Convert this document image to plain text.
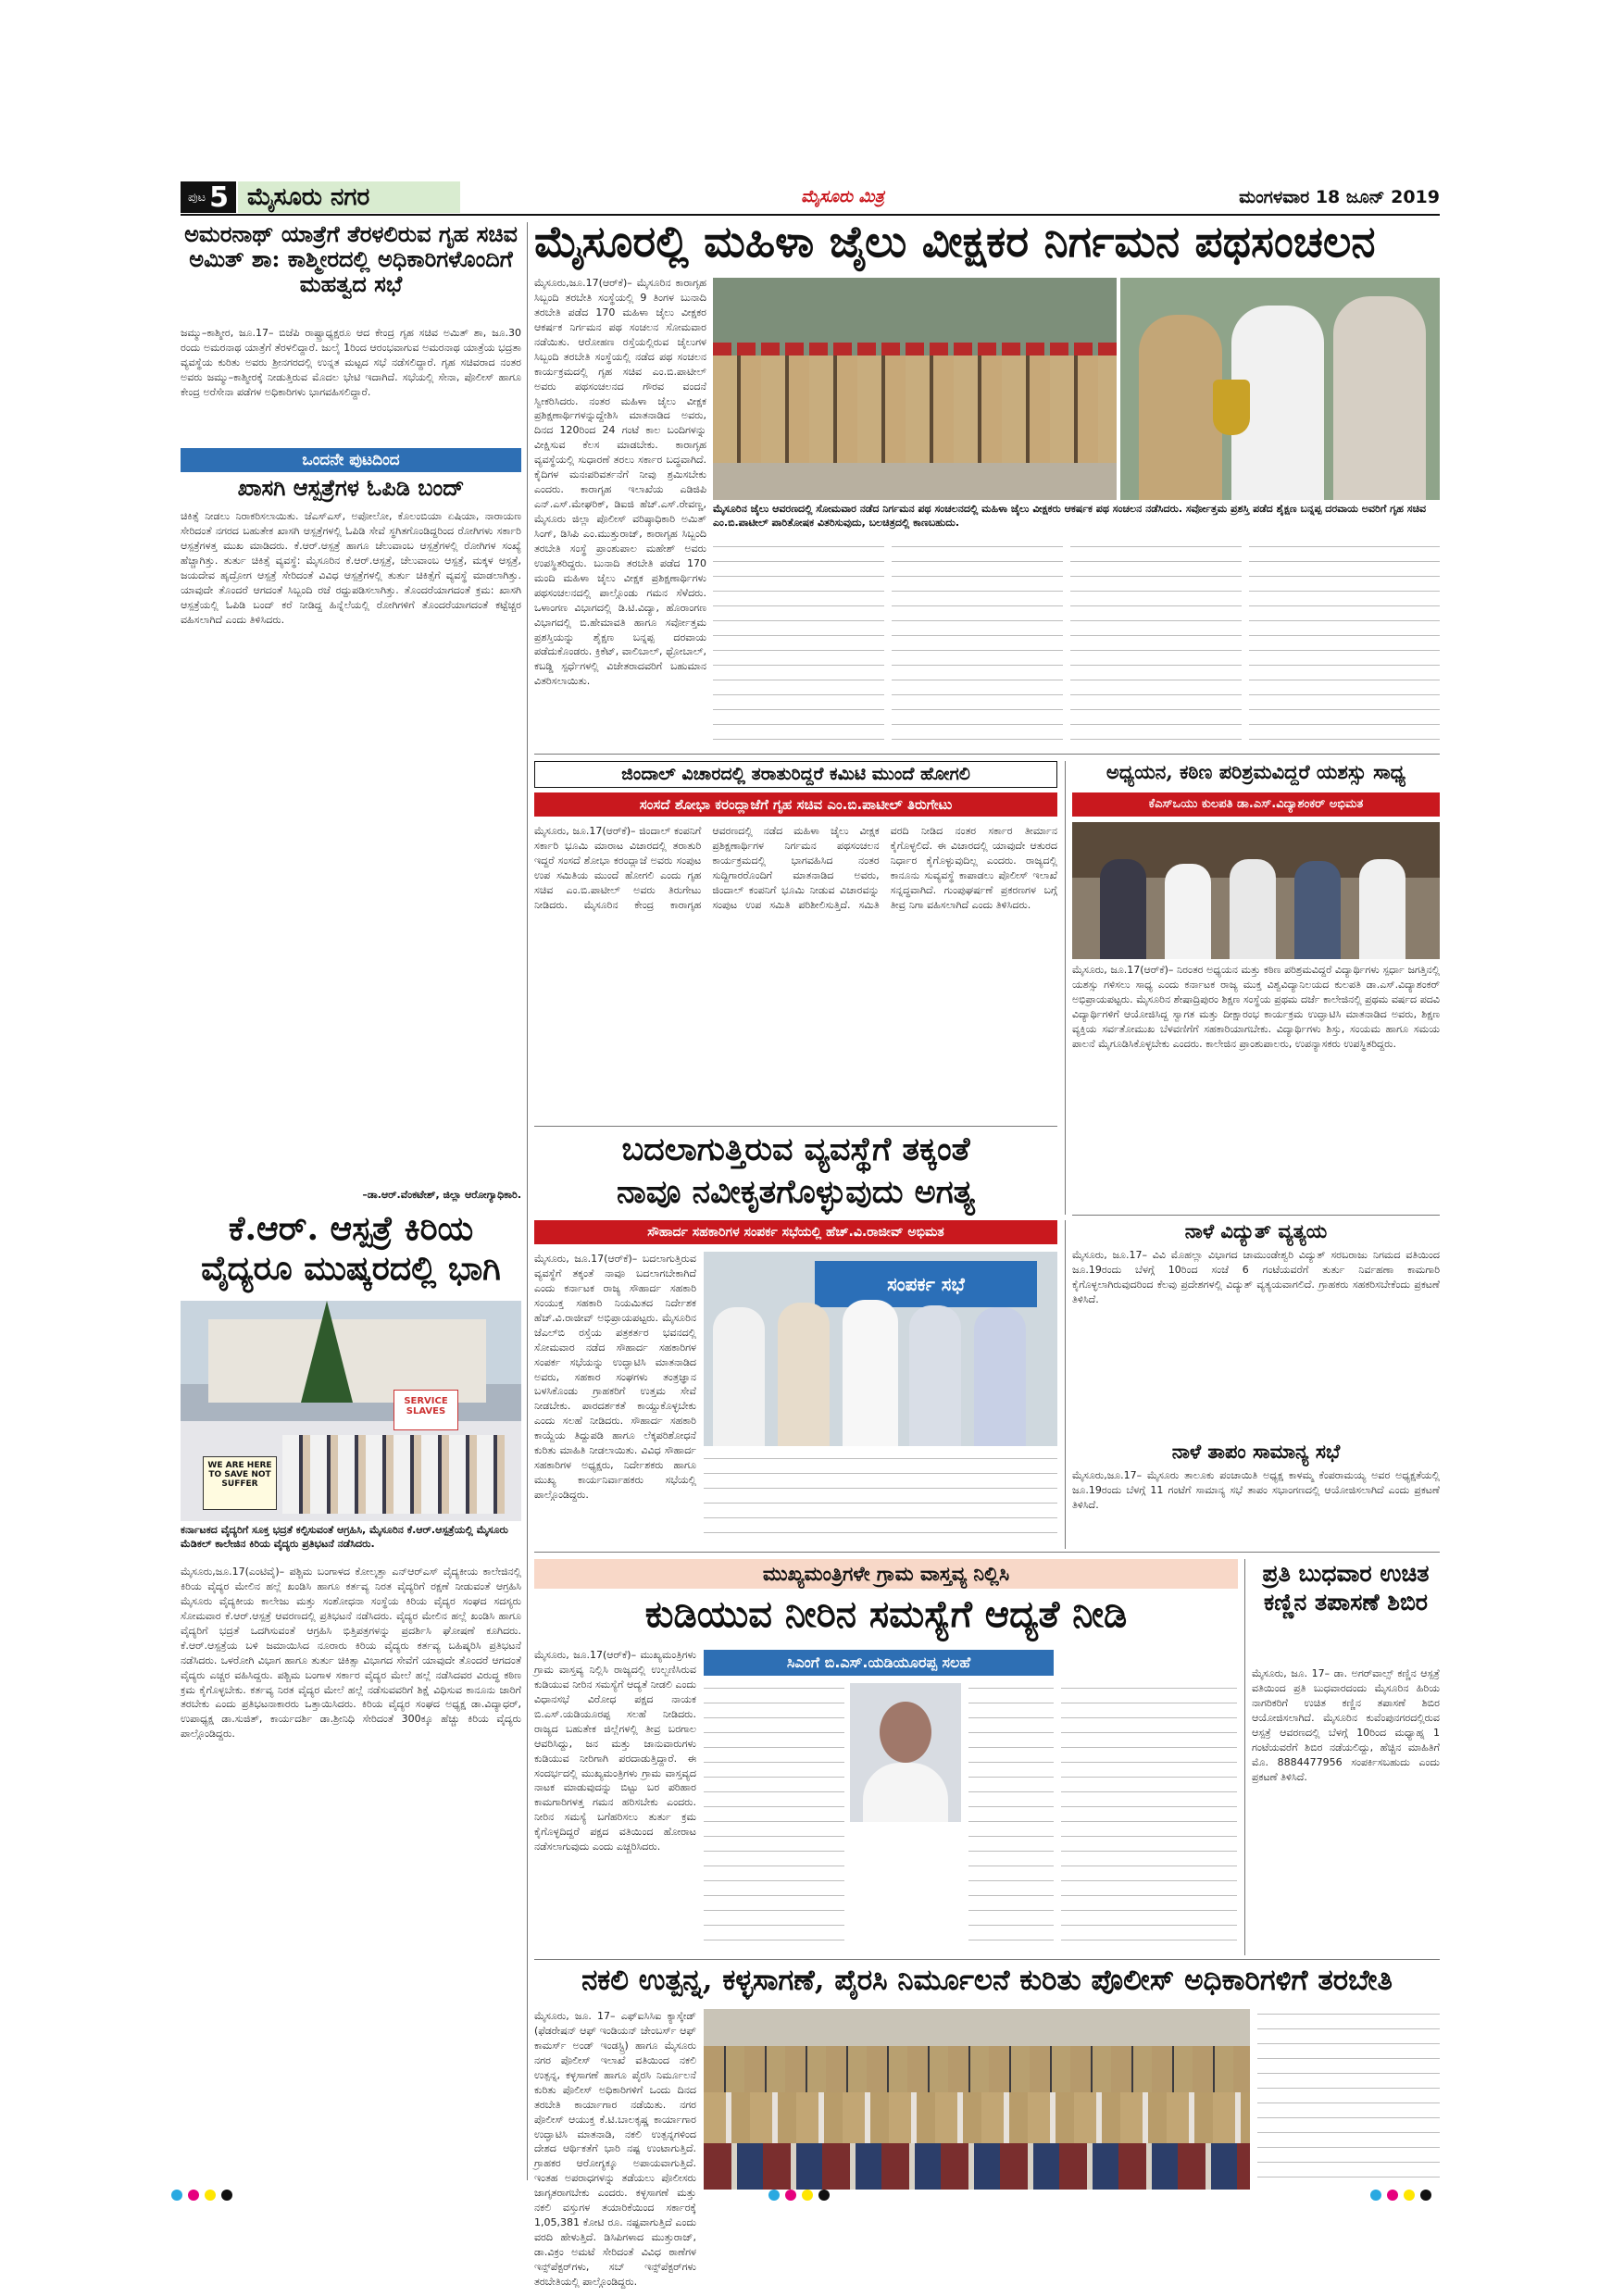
ಪುಟ 5 ಮೈಸೂರು ನಗರ	ಮೈಸೂರು ಮಿತ್ರ	ಮಂಗಳವಾರ 18 ಜೂನ್ 2019
ಅಮರನಾಥ್ ಯಾತ್ರೆಗೆ ತೆರಳಲಿರುವ ಗೃಹ ಸಚಿವ ಅಮಿತ್ ಶಾ: ಕಾಶ್ಮೀರದಲ್ಲಿ ಅಧಿಕಾರಿಗಳೊಂದಿಗೆ ಮಹತ್ವದ ಸಭೆ
ಜಮ್ಮು–ಕಾಶ್ಮೀರ, ಜೂ.17– ಬಿಜೆಪಿ ರಾಷ್ಟ್ರಾಧ್ಯಕ್ಷರೂ ಆದ ಕೇಂದ್ರ ಗೃಹ ಸಚಿವ ಅಮಿತ್ ಶಾ, ಜೂ.30 ರಂದು ಅಮರನಾಥ ಯಾತ್ರೆಗೆ ತೆರಳಲಿದ್ದಾರೆ. ಜುಲೈ 1ರಿಂದ ಆರಂಭವಾಗುವ ಅಮರನಾಥ ಯಾತ್ರೆಯ ಭದ್ರತಾ ವ್ಯವಸ್ಥೆಯ ಕುರಿತು ಅವರು ಶ್ರೀನಗರದಲ್ಲಿ ಉನ್ನತ ಮಟ್ಟದ ಸಭೆ ನಡೆಸಲಿದ್ದಾರೆ. ಗೃಹ ಸಚಿವರಾದ ನಂತರ ಅವರು ಜಮ್ಮು–ಕಾಶ್ಮೀರಕ್ಕೆ ನೀಡುತ್ತಿರುವ ಮೊದಲ ಭೇಟಿ ಇದಾಗಿದೆ. ಸಭೆಯಲ್ಲಿ ಸೇನಾ, ಪೊಲೀಸ್ ಹಾಗೂ ಕೇಂದ್ರ ಅರೆಸೇನಾ ಪಡೆಗಳ ಅಧಿಕಾರಿಗಳು ಭಾಗವಹಿಸಲಿದ್ದಾರೆ.
ಒಂದನೇ ಪುಟದಿಂದ
ಖಾಸಗಿ ಆಸ್ಪತ್ರೆಗಳ ಓಪಿಡಿ ಬಂದ್
ಚಿಕಿತ್ಸೆ ನೀಡಲು ನಿರಾಕರಿಸಲಾಯಿತು. ಜೆಎಸ್‌ಎಸ್, ಅಪೋಲೋ, ಕೊಲಂಬಿಯಾ ಏಷಿಯಾ, ನಾರಾಯಣ ಸೇರಿದಂತೆ ನಗರದ ಬಹುತೇಕ ಖಾಸಗಿ ಆಸ್ಪತ್ರೆಗಳಲ್ಲಿ ಓಪಿಡಿ ಸೇವೆ ಸ್ಥಗಿತಗೊಂಡಿದ್ದರಿಂದ ರೋಗಿಗಳು ಸರ್ಕಾರಿ ಆಸ್ಪತ್ರೆಗಳತ್ತ ಮುಖ ಮಾಡಿದರು. ಕೆ.ಆರ್.ಆಸ್ಪತ್ರೆ ಹಾಗೂ ಚೆಲುವಾಂಬ ಆಸ್ಪತ್ರೆಗಳಲ್ಲಿ ರೋಗಿಗಳ ಸಂಖ್ಯೆ ಹೆಚ್ಚಾಗಿತ್ತು. ತುರ್ತು ಚಿಕಿತ್ಸೆ ವ್ಯವಸ್ಥೆ: ಮೈಸೂರಿನ ಕೆ.ಆರ್.ಆಸ್ಪತ್ರೆ, ಚೆಲುವಾಂಬ ಆಸ್ಪತ್ರೆ, ಮಕ್ಕಳ ಆಸ್ಪತ್ರೆ, ಜಯದೇವ ಹೃದ್ರೋಗ ಆಸ್ಪತ್ರೆ ಸೇರಿದಂತೆ ವಿವಿಧ ಆಸ್ಪತ್ರೆಗಳಲ್ಲಿ ತುರ್ತು ಚಿಕಿತ್ಸೆಗೆ ವ್ಯವಸ್ಥೆ ಮಾಡಲಾಗಿತ್ತು. ಯಾವುದೇ ತೊಂದರೆ ಆಗದಂತೆ ಸಿಬ್ಬಂದಿ ರಜೆ ರದ್ದುಪಡಿಸಲಾಗಿತ್ತು. ತೊಂದರೆಯಾಗದಂತೆ ಕ್ರಮ: ಖಾಸಗಿ ಆಸ್ಪತ್ರೆಯಲ್ಲಿ ಓಪಿಡಿ ಬಂದ್ ಕರೆ ನೀಡಿದ್ದ ಹಿನ್ನೆಲೆಯಲ್ಲಿ ರೋಗಿಗಳಿಗೆ ತೊಂದರೆಯಾಗದಂತೆ ಕಟ್ಟೆಚ್ಚರ ವಹಿಸಲಾಗಿದೆ ಎಂದು ತಿಳಿಸಿದರು.
–ಡಾ.ಆರ್.ವೆಂಕಟೇಶ್, ಜಿಲ್ಲಾ ಆರೋಗ್ಯಾಧಿಕಾರಿ.
ಕೆ.ಆರ್. ಆಸ್ಪತ್ರೆ ಕಿರಿಯ ವೈದ್ಯರೂ ಮುಷ್ಕರದಲ್ಲಿ ಭಾಗಿ
SERVICE SLAVES
WE ARE HERE TO SAVE NOT SUFFER
ಕರ್ನಾಟಕದ ವೈದ್ಯರಿಗೆ ಸೂಕ್ತ ಭದ್ರತೆ ಕಲ್ಪಿಸುವಂತೆ ಆಗ್ರಹಿಸಿ, ಮೈಸೂರಿನ ಕೆ.ಆರ್.ಆಸ್ಪತ್ರೆಯಲ್ಲಿ ಮೈಸೂರು ಮೆಡಿಕಲ್ ಕಾಲೇಜಿನ ಕಿರಿಯ ವೈದ್ಯರು ಪ್ರತಿಭಟನೆ ನಡೆಸಿದರು.
ಮೈಸೂರು,ಜೂ.17(ಎಂಟಿವೈ)– ಪಶ್ಚಿಮ ಬಂಗಾಳದ ಕೋಲ್ಕತ್ತಾ ಎನ್‌ಆರ್‌ಎಸ್ ವೈದ್ಯಕೀಯ ಕಾಲೇಜಿನಲ್ಲಿ ಕಿರಿಯ ವೈದ್ಯರ ಮೇಲಿನ ಹಲ್ಲೆ ಖಂಡಿಸಿ ಹಾಗೂ ಕರ್ತವ್ಯ ನಿರತ ವೈದ್ಯರಿಗೆ ರಕ್ಷಣೆ ನೀಡುವಂತೆ ಆಗ್ರಹಿಸಿ ಮೈಸೂರು ವೈದ್ಯಕೀಯ ಕಾಲೇಜು ಮತ್ತು ಸಂಶೋಧನಾ ಸಂಸ್ಥೆಯ ಕಿರಿಯ ವೈದ್ಯರ ಸಂಘದ ಸದಸ್ಯರು ಸೋಮವಾರ ಕೆ.ಆರ್.ಆಸ್ಪತ್ರೆ ಆವರಣದಲ್ಲಿ ಪ್ರತಿಭಟನೆ ನಡೆಸಿದರು. ವೈದ್ಯರ ಮೇಲಿನ ಹಲ್ಲೆ ಖಂಡಿಸಿ ಹಾಗೂ ವೈದ್ಯರಿಗೆ ಭದ್ರತೆ ಒದಗಿಸುವಂತೆ ಆಗ್ರಹಿಸಿ ಭಿತ್ತಿಪತ್ರಗಳನ್ನು ಪ್ರದರ್ಶಿಸಿ ಘೋಷಣೆ ಕೂಗಿದರು. ಕೆ.ಆರ್.ಆಸ್ಪತ್ರೆಯ ಬಳಿ ಜಮಾಯಿಸಿದ ನೂರಾರು ಕಿರಿಯ ವೈದ್ಯರು ಕರ್ತವ್ಯ ಬಹಿಷ್ಕರಿಸಿ ಪ್ರತಿಭಟನೆ ನಡೆಸಿದರು. ಒಳರೋಗಿ ವಿಭಾಗ ಹಾಗೂ ತುರ್ತು ಚಿಕಿತ್ಸಾ ವಿಭಾಗದ ಸೇವೆಗೆ ಯಾವುದೇ ತೊಂದರೆ ಆಗದಂತೆ ವೈದ್ಯರು ಎಚ್ಚರ ವಹಿಸಿದ್ದರು. ಪಶ್ಚಿಮ ಬಂಗಾಳ ಸರ್ಕಾರ ವೈದ್ಯರ ಮೇಲೆ ಹಲ್ಲೆ ನಡೆಸಿದವರ ವಿರುದ್ಧ ಕಠಿಣ ಕ್ರಮ ಕೈಗೊಳ್ಳಬೇಕು. ಕರ್ತವ್ಯ ನಿರತ ವೈದ್ಯರ ಮೇಲೆ ಹಲ್ಲೆ ನಡೆಸುವವರಿಗೆ ಶಿಕ್ಷೆ ವಿಧಿಸುವ ಕಾನೂನು ಜಾರಿಗೆ ತರಬೇಕು ಎಂದು ಪ್ರತಿಭಟನಾಕಾರರು ಒತ್ತಾಯಿಸಿದರು. ಕಿರಿಯ ವೈದ್ಯರ ಸಂಘದ ಅಧ್ಯಕ್ಷ ಡಾ.ವಿದ್ಯಾಧರ್, ಉಪಾಧ್ಯಕ್ಷ ಡಾ.ಸುಜಿತ್, ಕಾರ್ಯದರ್ಶಿ ಡಾ.ಶ್ರೀನಿಧಿ ಸೇರಿದಂತೆ 300ಕ್ಕೂ ಹೆಚ್ಚು ಕಿರಿಯ ವೈದ್ಯರು ಪಾಲ್ಗೊಂಡಿದ್ದರು.
ಮೈಸೂರಲ್ಲಿ ಮಹಿಳಾ ಜೈಲು ವೀಕ್ಷಕರ ನಿರ್ಗಮನ ಪಥಸಂಚಲನ
ಮೈಸೂರು,ಜೂ.17(ಆರ್‌ಕೆ)– ಮೈಸೂರಿನ ಕಾರಾಗೃಹ ಸಿಬ್ಬಂದಿ ತರಬೇತಿ ಸಂಸ್ಥೆಯಲ್ಲಿ 9 ತಿಂಗಳ ಬುನಾದಿ ತರಬೇತಿ ಪಡೆದ 170 ಮಹಿಳಾ ಜೈಲು ವೀಕ್ಷಕರ ಆಕರ್ಷಕ ನಿರ್ಗಮನ ಪಥ ಸಂಚಲನ ಸೋಮವಾರ ನಡೆಯಿತು. ಆರೋಹಣ ರಸ್ತೆಯಲ್ಲಿರುವ ಜೈಲುಗಳ ಸಿಬ್ಬಂದಿ ತರಬೇತಿ ಸಂಸ್ಥೆಯಲ್ಲಿ ನಡೆದ ಪಥ ಸಂಚಲನ ಕಾರ್ಯಕ್ರಮದಲ್ಲಿ ಗೃಹ ಸಚಿವ ಎಂ.ಬಿ.ಪಾಟೀಲ್ ಅವರು ಪಥಸಂಚಲನದ ಗೌರವ ವಂದನೆ ಸ್ವೀಕರಿಸಿದರು. ನಂತರ ಮಹಿಳಾ ಜೈಲು ವೀಕ್ಷಕ ಪ್ರಶಿಕ್ಷಣಾರ್ಥಿಗಳನ್ನುದ್ದೇಶಿಸಿ ಮಾತನಾಡಿದ ಅವರು, ದಿನದ 120ರಿಂದ 24 ಗಂಟೆ ಕಾಲ ಬಂದಿಗಳನ್ನು ವೀಕ್ಷಿಸುವ ಕೆಲಸ ಮಾಡಬೇಕು. ಕಾರಾಗೃಹ ವ್ಯವಸ್ಥೆಯಲ್ಲಿ ಸುಧಾರಣೆ ತರಲು ಸರ್ಕಾರ ಬದ್ಧವಾಗಿದೆ. ಕೈದಿಗಳ ಮನಃಪರಿವರ್ತನೆಗೆ ನೀವು ಶ್ರಮಿಸಬೇಕು ಎಂದರು. ಕಾರಾಗೃಹ ಇಲಾಖೆಯ ಎಡಿಜಿಪಿ ಎನ್.ಎಸ್.ಮೇಘರಿಕ್, ಡಿಐಜಿ ಹೆಚ್.ಎಸ್.ರೇವಣ್ಣ, ಮೈಸೂರು ಜಿಲ್ಲಾ ಪೊಲೀಸ್ ವರಿಷ್ಠಾಧಿಕಾರಿ ಅಮಿತ್ ಸಿಂಗ್, ಡಿಸಿಪಿ ಎಂ.ಮುತ್ತುರಾಜ್, ಕಾರಾಗೃಹ ಸಿಬ್ಬಂದಿ ತರಬೇತಿ ಸಂಸ್ಥೆ ಪ್ರಾಂಶುಪಾಲ ಮಹೇಶ್ ಅವರು ಉಪಸ್ಥಿತರಿದ್ದರು. ಬುನಾದಿ ತರಬೇತಿ ಪಡೆದ 170 ಮಂದಿ ಮಹಿಳಾ ಜೈಲು ವೀಕ್ಷಕ ಪ್ರಶಿಕ್ಷಣಾರ್ಥಿಗಳು ಪಥಸಂಚಲನದಲ್ಲಿ ಪಾಲ್ಗೊಂಡು ಗಮನ ಸೆಳೆದರು. ಒಳಾಂಗಣ ವಿಭಾಗದಲ್ಲಿ ಡಿ.ಟಿ.ವಿದ್ಯಾ, ಹೊರಾಂಗಣ ವಿಭಾಗದಲ್ಲಿ ಬಿ.ಹೇಮಾವತಿ ಹಾಗೂ ಸರ್ವೋತ್ತಮ ಪ್ರಶಸ್ತಿಯನ್ನು ಶೈಕ್ಷಣ ಬನ್ನಪ್ಪ ದರವಾಯ ಪಡೆದುಕೊಂಡರು. ಕ್ರಿಕೆಟ್, ವಾಲಿಬಾಲ್, ಥ್ರೋಬಾಲ್, ಕಬಡ್ಡಿ ಸ್ಪರ್ಧೆಗಳಲ್ಲಿ ವಿಜೇತರಾದವರಿಗೆ ಬಹುಮಾನ ವಿತರಿಸಲಾಯಿತು.
ಮೈಸೂರಿನ ಜೈಲು ಆವರಣದಲ್ಲಿ ಸೋಮವಾರ ನಡೆದ ನಿರ್ಗಮನ ಪಥ ಸಂಚಲನದಲ್ಲಿ ಮಹಿಳಾ ಜೈಲು ವೀಕ್ಷಕರು ಆಕರ್ಷಕ ಪಥ ಸಂಚಲನ ನಡೆಸಿದರು. ಸರ್ವೋತ್ತಮ ಪ್ರಶಸ್ತಿ ಪಡೆದ ಶೈಕ್ಷಣ ಬನ್ನಪ್ಪ ದರವಾಯ ಅವರಿಗೆ ಗೃಹ ಸಚಿವ ಎಂ.ಬಿ.ಪಾಟೀಲ್ ಪಾರಿತೋಷಕ ವಿತರಿಸುವುದು, ಬಲಚಿತ್ರದಲ್ಲಿ ಕಾಣಬಹುದು.
ಜಿಂದಾಲ್ ವಿಚಾರದಲ್ಲಿ ತರಾತುರಿದ್ದರೆ ಕಮಿಟಿ ಮುಂದೆ ಹೋಗಲಿ
ಸಂಸದೆ ಶೋಭಾ ಕರಂದ್ಲಾಜೆಗೆ ಗೃಹ ಸಚಿವ ಎಂ.ಬಿ.ಪಾಟೀಲ್ ತಿರುಗೇಟು
ಮೈಸೂರು, ಜೂ.17(ಆರ್‌ಕೆ)– ಜಿಂದಾಲ್ ಕಂಪನಿಗೆ ಸರ್ಕಾರಿ ಭೂಮಿ ಮಾರಾಟ ವಿಚಾರದಲ್ಲಿ ತರಾತುರಿ ಇದ್ದರೆ ಸಂಸದೆ ಶೋಭಾ ಕರಂದ್ಲಾಜೆ ಅವರು ಸಂಪುಟ ಉಪ ಸಮಿತಿಯ ಮುಂದೆ ಹೋಗಲಿ ಎಂದು ಗೃಹ ಸಚಿವ ಎಂ.ಬಿ.ಪಾಟೀಲ್ ಅವರು ತಿರುಗೇಟು ನೀಡಿದರು. ಮೈಸೂರಿನ ಕೇಂದ್ರ ಕಾರಾಗೃಹ ಆವರಣದಲ್ಲಿ ನಡೆದ ಮಹಿಳಾ ಜೈಲು ವೀಕ್ಷಕ ಪ್ರಶಿಕ್ಷಣಾರ್ಥಿಗಳ ನಿರ್ಗಮನ ಪಥಸಂಚಲನ ಕಾರ್ಯಕ್ರಮದಲ್ಲಿ ಭಾಗವಹಿಸಿದ ನಂತರ ಸುದ್ದಿಗಾರರೊಂದಿಗೆ ಮಾತನಾಡಿದ ಅವರು, ಜಿಂದಾಲ್ ಕಂಪನಿಗೆ ಭೂಮಿ ನೀಡುವ ವಿಚಾರವನ್ನು ಸಂಪುಟ ಉಪ ಸಮಿತಿ ಪರಿಶೀಲಿಸುತ್ತಿದೆ. ಸಮಿತಿ ವರದಿ ನೀಡಿದ ನಂತರ ಸರ್ಕಾರ ತೀರ್ಮಾನ ಕೈಗೊಳ್ಳಲಿದೆ. ಈ ವಿಚಾರದಲ್ಲಿ ಯಾವುದೇ ಆತುರದ ನಿರ್ಧಾರ ಕೈಗೊಳ್ಳುವುದಿಲ್ಲ ಎಂದರು. ರಾಜ್ಯದಲ್ಲಿ ಕಾನೂನು ಸುವ್ಯವಸ್ಥೆ ಕಾಪಾಡಲು ಪೊಲೀಸ್ ಇಲಾಖೆ ಸನ್ನದ್ಧವಾಗಿದೆ. ಗುಂಪುಘರ್ಷಣೆ ಪ್ರಕರಣಗಳ ಬಗ್ಗೆ ತೀವ್ರ ನಿಗಾ ವಹಿಸಲಾಗಿದೆ ಎಂದು ತಿಳಿಸಿದರು.
ಅಧ್ಯಯನ, ಕಠಿಣ ಪರಿಶ್ರಮವಿದ್ದರೆ ಯಶಸ್ಸು ಸಾಧ್ಯ
ಕೆಎಸ್‌ಒಯು ಕುಲಪತಿ ಡಾ.ಎಸ್.ವಿದ್ಯಾಶಂಕರ್ ಅಭಿಮತ
ಮೈಸೂರು, ಜೂ.17(ಆರ್‌ಕೆ)– ನಿರಂತರ ಅಧ್ಯಯನ ಮತ್ತು ಕಠಿಣ ಪರಿಶ್ರಮವಿದ್ದರೆ ವಿದ್ಯಾರ್ಥಿಗಳು ಸ್ಪರ್ಧಾ ಜಗತ್ತಿನಲ್ಲಿ ಯಶಸ್ಸು ಗಳಿಸಲು ಸಾಧ್ಯ ಎಂದು ಕರ್ನಾಟಕ ರಾಜ್ಯ ಮುಕ್ತ ವಿಶ್ವವಿದ್ಯಾನಿಲಯದ ಕುಲಪತಿ ಡಾ.ಎಸ್.ವಿದ್ಯಾಶಂಕರ್ ಅಭಿಪ್ರಾಯಪಟ್ಟರು. ಮೈಸೂರಿನ ಶೇಷಾದ್ರಿಪುರಂ ಶಿಕ್ಷಣ ಸಂಸ್ಥೆಯ ಪ್ರಥಮ ದರ್ಜೆ ಕಾಲೇಜಿನಲ್ಲಿ ಪ್ರಥಮ ವರ್ಷದ ಪದವಿ ವಿದ್ಯಾರ್ಥಿಗಳಿಗೆ ಆಯೋಜಿಸಿದ್ದ ಸ್ವಾಗತ ಮತ್ತು ದೀಕ್ಷಾರಂಭ ಕಾರ್ಯಕ್ರಮ ಉದ್ಘಾಟಿಸಿ ಮಾತನಾಡಿದ ಅವರು, ಶಿಕ್ಷಣ ವ್ಯಕ್ತಿಯ ಸರ್ವತೋಮುಖ ಬೆಳವಣಿಗೆಗೆ ಸಹಕಾರಿಯಾಗಬೇಕು. ವಿದ್ಯಾರ್ಥಿಗಳು ಶಿಸ್ತು, ಸಂಯಮ ಹಾಗೂ ಸಮಯ ಪಾಲನೆ ಮೈಗೂಡಿಸಿಕೊಳ್ಳಬೇಕು ಎಂದರು. ಕಾಲೇಜಿನ ಪ್ರಾಂಶುಪಾಲರು, ಉಪನ್ಯಾಸಕರು ಉಪಸ್ಥಿತರಿದ್ದರು.
ಬದಲಾಗುತ್ತಿರುವ ವ್ಯವಸ್ಥೆಗೆ ತಕ್ಕಂತೆ
ನಾವೂ ನವೀಕೃತಗೊಳ್ಳುವುದು ಅಗತ್ಯ
ಸೌಹಾರ್ದ ಸಹಕಾರಿಗಳ ಸಂಪರ್ಕ ಸಭೆಯಲ್ಲಿ ಹೆಚ್.ವಿ.ರಾಜೀವ್ ಅಭಿಮತ
ಮೈಸೂರು, ಜೂ.17(ಆರ್‌ಕೆ)– ಬದಲಾಗುತ್ತಿರುವ ವ್ಯವಸ್ಥೆಗೆ ತಕ್ಕಂತೆ ನಾವೂ ಬದಲಾಗಬೇಕಾಗಿದೆ ಎಂದು ಕರ್ನಾಟಕ ರಾಜ್ಯ ಸೌಹಾರ್ದ ಸಹಕಾರಿ ಸಂಯುಕ್ತ ಸಹಕಾರಿ ನಿಯಮಿತದ ನಿರ್ದೇಶಕ ಹೆಚ್.ವಿ.ರಾಜೀವ್ ಅಭಿಪ್ರಾಯಪಟ್ಟರು. ಮೈಸೂರಿನ ಜೆಎಲ್‌ಬಿ ರಸ್ತೆಯ ಪತ್ರಕರ್ತರ ಭವನದಲ್ಲಿ ಸೋಮವಾರ ನಡೆದ ಸೌಹಾರ್ದ ಸಹಕಾರಿಗಳ ಸಂಪರ್ಕ ಸಭೆಯನ್ನು ಉದ್ಘಾಟಿಸಿ ಮಾತನಾಡಿದ ಅವರು, ಸಹಕಾರ ಸಂಘಗಳು ತಂತ್ರಜ್ಞಾನ ಬಳಸಿಕೊಂಡು ಗ್ರಾಹಕರಿಗೆ ಉತ್ತಮ ಸೇವೆ ನೀಡಬೇಕು. ಪಾರದರ್ಶಕತೆ ಕಾಯ್ದುಕೊಳ್ಳಬೇಕು ಎಂದು ಸಲಹೆ ನೀಡಿದರು. ಸೌಹಾರ್ದ ಸಹಕಾರಿ ಕಾಯ್ದೆಯ ತಿದ್ದುಪಡಿ ಹಾಗೂ ಲೆಕ್ಕಪರಿಶೋಧನೆ ಕುರಿತು ಮಾಹಿತಿ ನೀಡಲಾಯಿತು. ವಿವಿಧ ಸೌಹಾರ್ದ ಸಹಕಾರಿಗಳ ಅಧ್ಯಕ್ಷರು, ನಿರ್ದೇಶಕರು ಹಾಗೂ ಮುಖ್ಯ ಕಾರ್ಯನಿರ್ವಾಹಕರು ಸಭೆಯಲ್ಲಿ ಪಾಲ್ಗೊಂಡಿದ್ದರು.
ಸಂಪರ್ಕ ಸಭೆ
ನಾಳೆ ವಿದ್ಯುತ್ ವ್ಯತ್ಯಯ
ಮೈಸೂರು, ಜೂ.17– ವಿವಿ ಮೊಹಲ್ಲಾ ವಿಭಾಗದ ಚಾಮುಂಡೇಶ್ವರಿ ವಿದ್ಯುತ್ ಸರಬರಾಜು ನಿಗಮದ ವತಿಯಿಂದ ಜೂ.19ರಂದು ಬೆಳಗ್ಗೆ 10ರಿಂದ ಸಂಜೆ 6 ಗಂಟೆಯವರೆಗೆ ತುರ್ತು ನಿರ್ವಹಣಾ ಕಾಮಗಾರಿ ಕೈಗೊಳ್ಳಲಾಗಿರುವುದರಿಂದ ಕೆಲವು ಪ್ರದೇಶಗಳಲ್ಲಿ ವಿದ್ಯುತ್ ವ್ಯತ್ಯಯವಾಗಲಿದೆ. ಗ್ರಾಹಕರು ಸಹಕರಿಸಬೇಕೆಂದು ಪ್ರಕಟಣೆ ತಿಳಿಸಿದೆ.
ನಾಳೆ ತಾಪಂ ಸಾಮಾನ್ಯ ಸಭೆ
ಮೈಸೂರು,ಜೂ.17– ಮೈಸೂರು ತಾಲೂಕು ಪಂಚಾಯಿತಿ ಅಧ್ಯಕ್ಷ ಕಾಳಮ್ಮ ಕೆಂಪರಾಮಯ್ಯ ಅವರ ಅಧ್ಯಕ್ಷತೆಯಲ್ಲಿ ಜೂ.19ರಂದು ಬೆಳಗ್ಗೆ 11 ಗಂಟೆಗೆ ಸಾಮಾನ್ಯ ಸಭೆ ತಾಪಂ ಸಭಾಂಗಣದಲ್ಲಿ ಆಯೋಜಿಸಲಾಗಿದೆ ಎಂದು ಪ್ರಕಟಣೆ ತಿಳಿಸಿದೆ.
ಮುಖ್ಯಮಂತ್ರಿಗಳೇ ಗ್ರಾಮ ವಾಸ್ತವ್ಯ ನಿಲ್ಲಿಸಿ
ಕುಡಿಯುವ ನೀರಿನ ಸಮಸ್ಯೆಗೆ ಆದ್ಯತೆ ನೀಡಿ
ಮೈಸೂರು, ಜೂ.17(ಆರ್‌ಕೆ)– ಮುಖ್ಯಮಂತ್ರಿಗಳು ಗ್ರಾಮ ವಾಸ್ತವ್ಯ ನಿಲ್ಲಿಸಿ ರಾಜ್ಯದಲ್ಲಿ ಉಲ್ಬಣಿಸಿರುವ ಕುಡಿಯುವ ನೀರಿನ ಸಮಸ್ಯೆಗೆ ಆದ್ಯತೆ ನೀಡಲಿ ಎಂದು ವಿಧಾನಸಭೆ ವಿರೋಧ ಪಕ್ಷದ ನಾಯಕ ಬಿ.ಎಸ್.ಯಡಿಯೂರಪ್ಪ ಸಲಹೆ ನೀಡಿದರು. ರಾಜ್ಯದ ಬಹುತೇಕ ಜಿಲ್ಲೆಗಳಲ್ಲಿ ತೀವ್ರ ಬರಗಾಲ ಆವರಿಸಿದ್ದು, ಜನ ಮತ್ತು ಜಾನುವಾರುಗಳು ಕುಡಿಯುವ ನೀರಿಗಾಗಿ ಪರದಾಡುತ್ತಿದ್ದಾರೆ. ಈ ಸಂದರ್ಭದಲ್ಲಿ ಮುಖ್ಯಮಂತ್ರಿಗಳು ಗ್ರಾಮ ವಾಸ್ತವ್ಯದ ನಾಟಕ ಮಾಡುವುದನ್ನು ಬಿಟ್ಟು ಬರ ಪರಿಹಾರ ಕಾಮಗಾರಿಗಳತ್ತ ಗಮನ ಹರಿಸಬೇಕು ಎಂದರು. ನೀರಿನ ಸಮಸ್ಯೆ ಬಗೆಹರಿಸಲು ತುರ್ತು ಕ್ರಮ ಕೈಗೊಳ್ಳದಿದ್ದರೆ ಪಕ್ಷದ ವತಿಯಿಂದ ಹೋರಾಟ ನಡೆಸಲಾಗುವುದು ಎಂದು ಎಚ್ಚರಿಸಿದರು.
ಸಿಎಂಗೆ ಬಿ.ಎಸ್.ಯಡಿಯೂರಪ್ಪ ಸಲಹೆ
ಪ್ರತಿ ಬುಧವಾರ ಉಚಿತ ಕಣ್ಣಿನ ತಪಾಸಣೆ ಶಿಬಿರ
ಮೈಸೂರು, ಜೂ. 17– ಡಾ. ಅಗರ್‌ವಾಲ್ಸ್ ಕಣ್ಣಿನ ಆಸ್ಪತ್ರೆ ವತಿಯಿಂದ ಪ್ರತಿ ಬುಧವಾರದಂದು ಮೈಸೂರಿನ ಹಿರಿಯ ನಾಗರಿಕರಿಗೆ ಉಚಿತ ಕಣ್ಣಿನ ತಪಾಸಣೆ ಶಿಬಿರ ಆಯೋಜಿಸಲಾಗಿದೆ. ಮೈಸೂರಿನ ಕುವೆಂಪುನಗರದಲ್ಲಿರುವ ಆಸ್ಪತ್ರೆ ಆವರಣದಲ್ಲಿ ಬೆಳಗ್ಗೆ 10ರಿಂದ ಮಧ್ಯಾಹ್ನ 1 ಗಂಟೆಯವರೆಗೆ ಶಿಬಿರ ನಡೆಯಲಿದ್ದು, ಹೆಚ್ಚಿನ ಮಾಹಿತಿಗೆ ಮೊ. 8884477956 ಸಂಪರ್ಕಿಸಬಹುದು ಎಂದು ಪ್ರಕಟಣೆ ತಿಳಿಸಿದೆ.
ನಕಲಿ ಉತ್ಪನ್ನ, ಕಳ್ಳಸಾಗಣೆ, ಪೈರಸಿ ನಿರ್ಮೂಲನೆ ಕುರಿತು ಪೊಲೀಸ್ ಅಧಿಕಾರಿಗಳಿಗೆ ತರಬೇತಿ
ಮೈಸೂರು, ಜೂ. 17– ಎಫ್‌ಐಸಿಸಿಐ ಕ್ಯಾಸ್ಕೇಡ್ (ಫೆಡರೇಷನ್ ಆಫ್ ಇಂಡಿಯನ್ ಚೇಂಬರ್ಸ್ ಆಫ್ ಕಾಮರ್ಸ್ ಅಂಡ್ ಇಂಡಸ್ಟ್ರಿ) ಹಾಗೂ ಮೈಸೂರು ನಗರ ಪೊಲೀಸ್ ಇಲಾಖೆ ವತಿಯಿಂದ ನಕಲಿ ಉತ್ಪನ್ನ, ಕಳ್ಳಸಾಗಣೆ ಹಾಗೂ ಪೈರಸಿ ನಿರ್ಮೂಲನೆ ಕುರಿತು ಪೊಲೀಸ್ ಅಧಿಕಾರಿಗಳಿಗೆ ಒಂದು ದಿನದ ತರಬೇತಿ ಕಾರ್ಯಾಗಾರ ನಡೆಯಿತು. ನಗರ ಪೊಲೀಸ್ ಆಯುಕ್ತ ಕೆ.ಟಿ.ಬಾಲಕೃಷ್ಣ ಕಾರ್ಯಾಗಾರ ಉದ್ಘಾಟಿಸಿ ಮಾತನಾಡಿ, ನಕಲಿ ಉತ್ಪನ್ನಗಳಿಂದ ದೇಶದ ಆರ್ಥಿಕತೆಗೆ ಭಾರಿ ನಷ್ಟ ಉಂಟಾಗುತ್ತಿದೆ. ಗ್ರಾಹಕರ ಆರೋಗ್ಯಕ್ಕೂ ಅಪಾಯವಾಗುತ್ತಿದೆ. ಇಂತಹ ಅಪರಾಧಗಳನ್ನು ತಡೆಯಲು ಪೊಲೀಸರು ಜಾಗೃತರಾಗಬೇಕು ಎಂದರು. ಕಳ್ಳಸಾಗಣೆ ಮತ್ತು ನಕಲಿ ವಸ್ತುಗಳ ತಯಾರಿಕೆಯಿಂದ ಸರ್ಕಾರಕ್ಕೆ 1,05,381 ಕೋಟಿ ರೂ. ನಷ್ಟವಾಗುತ್ತಿದೆ ಎಂದು ವರದಿ ಹೇಳುತ್ತಿದೆ. ಡಿಸಿಪಿಗಳಾದ ಮುತ್ತುರಾಜ್, ಡಾ.ವಿಕ್ರಂ ಅಮಟೆ ಸೇರಿದಂತೆ ವಿವಿಧ ಠಾಣೆಗಳ ಇನ್ಸ್‌ಪೆಕ್ಟರ್‌ಗಳು, ಸಬ್ ಇನ್ಸ್‌ಪೆಕ್ಟರ್‌ಗಳು ತರಬೇತಿಯಲ್ಲಿ ಪಾಲ್ಗೊಂಡಿದ್ದರು.
